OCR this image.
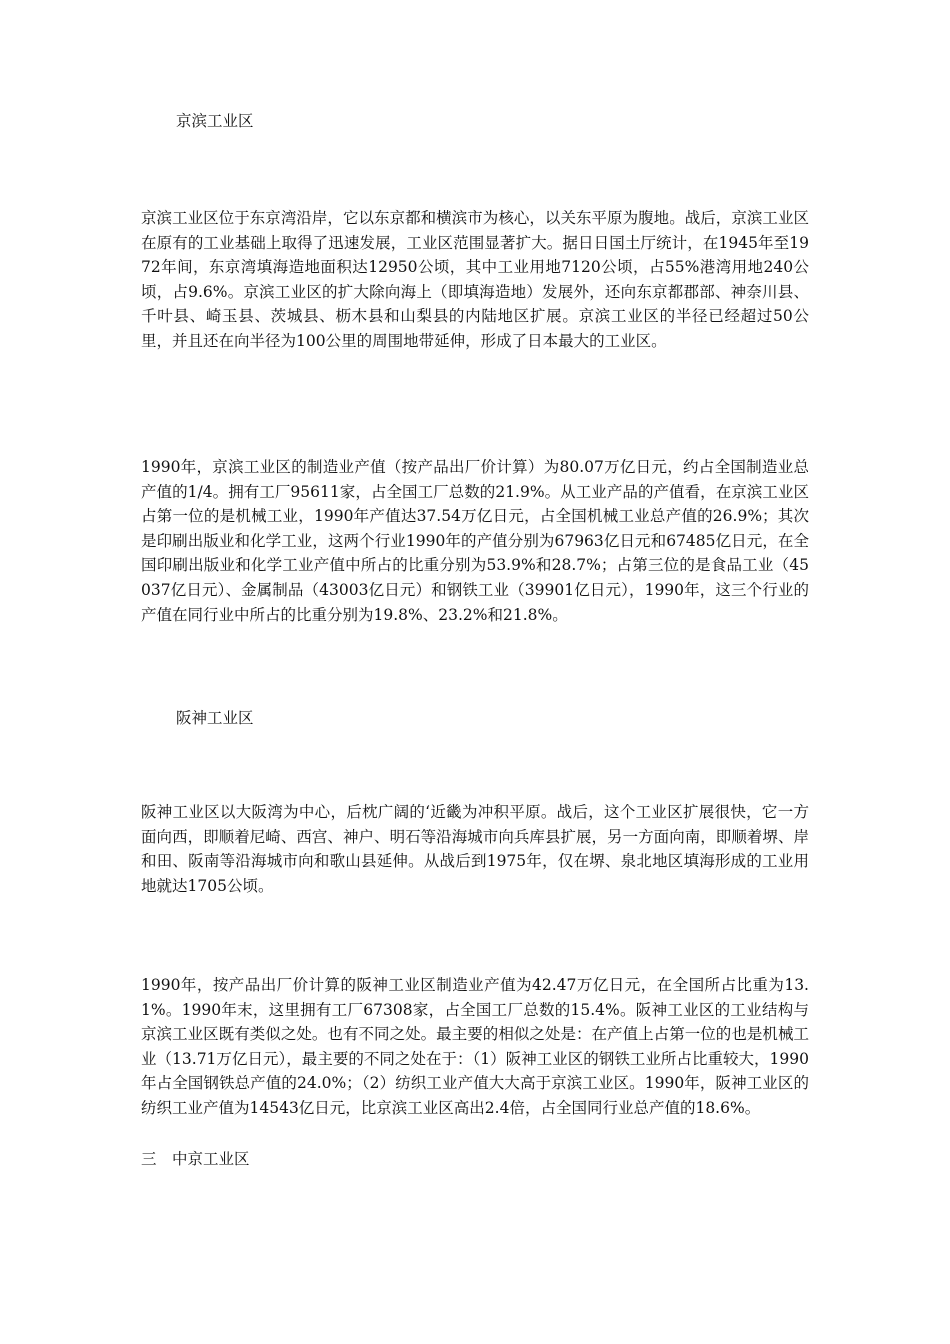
京滨工业区

京滨工业区位于东京湾沿岸，它以东京都和横滨市为核心，以关东平原为腹地。战后，京滨工业区在原有的工业基础上取得了迅速发展，工业区范围显著扩大。据日日国土厅统计，在1945年至1972年间，东京湾填海造地面积达12950公顷，其中工业用地7120公顷，占55%港湾用地240公顷，占9.6%。京滨工业区的扩大除向海上（即填海造地）发展外，还向东京都郡部、神奈川县、千叶县、崎玉县、茨城县、枥木县和山梨县的内陆地区扩展。京滨工业区的半径已经超过50公里，并且还在向半径为100公里的周围地带延伸，形成了日本最大的工业区。

1990年，京滨工业区的制造业产值（按产品出厂价计算）为80.07万亿日元，约占全国制造业总产值的1/4。拥有工厂95611家，占全国工厂总数的21.9%。从工业产品的产值看，在京滨工业区占第一位的是机械工业，1990年产值达37.54万亿日元，占全国机械工业总产值的26.9%；其次是印刷出版业和化学工业，这两个行业1990年的产值分别为67963亿日元和67485亿日元，在全国印刷出版业和化学工业产值中所占的比重分别为53.9%和28.7%；占第三位的是食品工业（45037亿日元）、金属制品（43003亿日元）和钢铁工业（39901亿日元），1990年，这三个行业的产值在同行业中所占的比重分别为19.8%、23.2%和21.8%。

阪神工业区

阪神工业区以大阪湾为中心，后枕广阔的‘近畿为冲积平原。战后，这个工业区扩展很快，它一方面向西，即顺着尼崎、西宫、神户、明石等沿海城市向兵库县扩展，另一方面向南，即顺着堺、岸和田、阪南等沿海城市向和歌山县延伸。从战后到1975年，仅在堺、泉北地区填海形成的工业用地就达1705公顷。

1990年，按产品出厂价计算的阪神工业区制造业产值为42.47万亿日元，在全国所占比重为13.1%。1990年末，这里拥有工厂67308家，占全国工厂总数的15.4%。阪神工业区的工业结构与京滨工业区既有类似之处。也有不同之处。最主要的相似之处是：在产值上占第一位的也是机械工业（13.71万亿日元），最主要的不同之处在于：（1）阪神工业区的钢铁工业所占比重较大，1990年占全国钢铁总产值的24.0%；（2）纺织工业产值大大高于京滨工业区。1990年，阪神工业区的纺织工业产值为14543亿日元，比京滨工业区高出2.4倍，占全国同行业总产值的18.6%。

三　中京工业区
